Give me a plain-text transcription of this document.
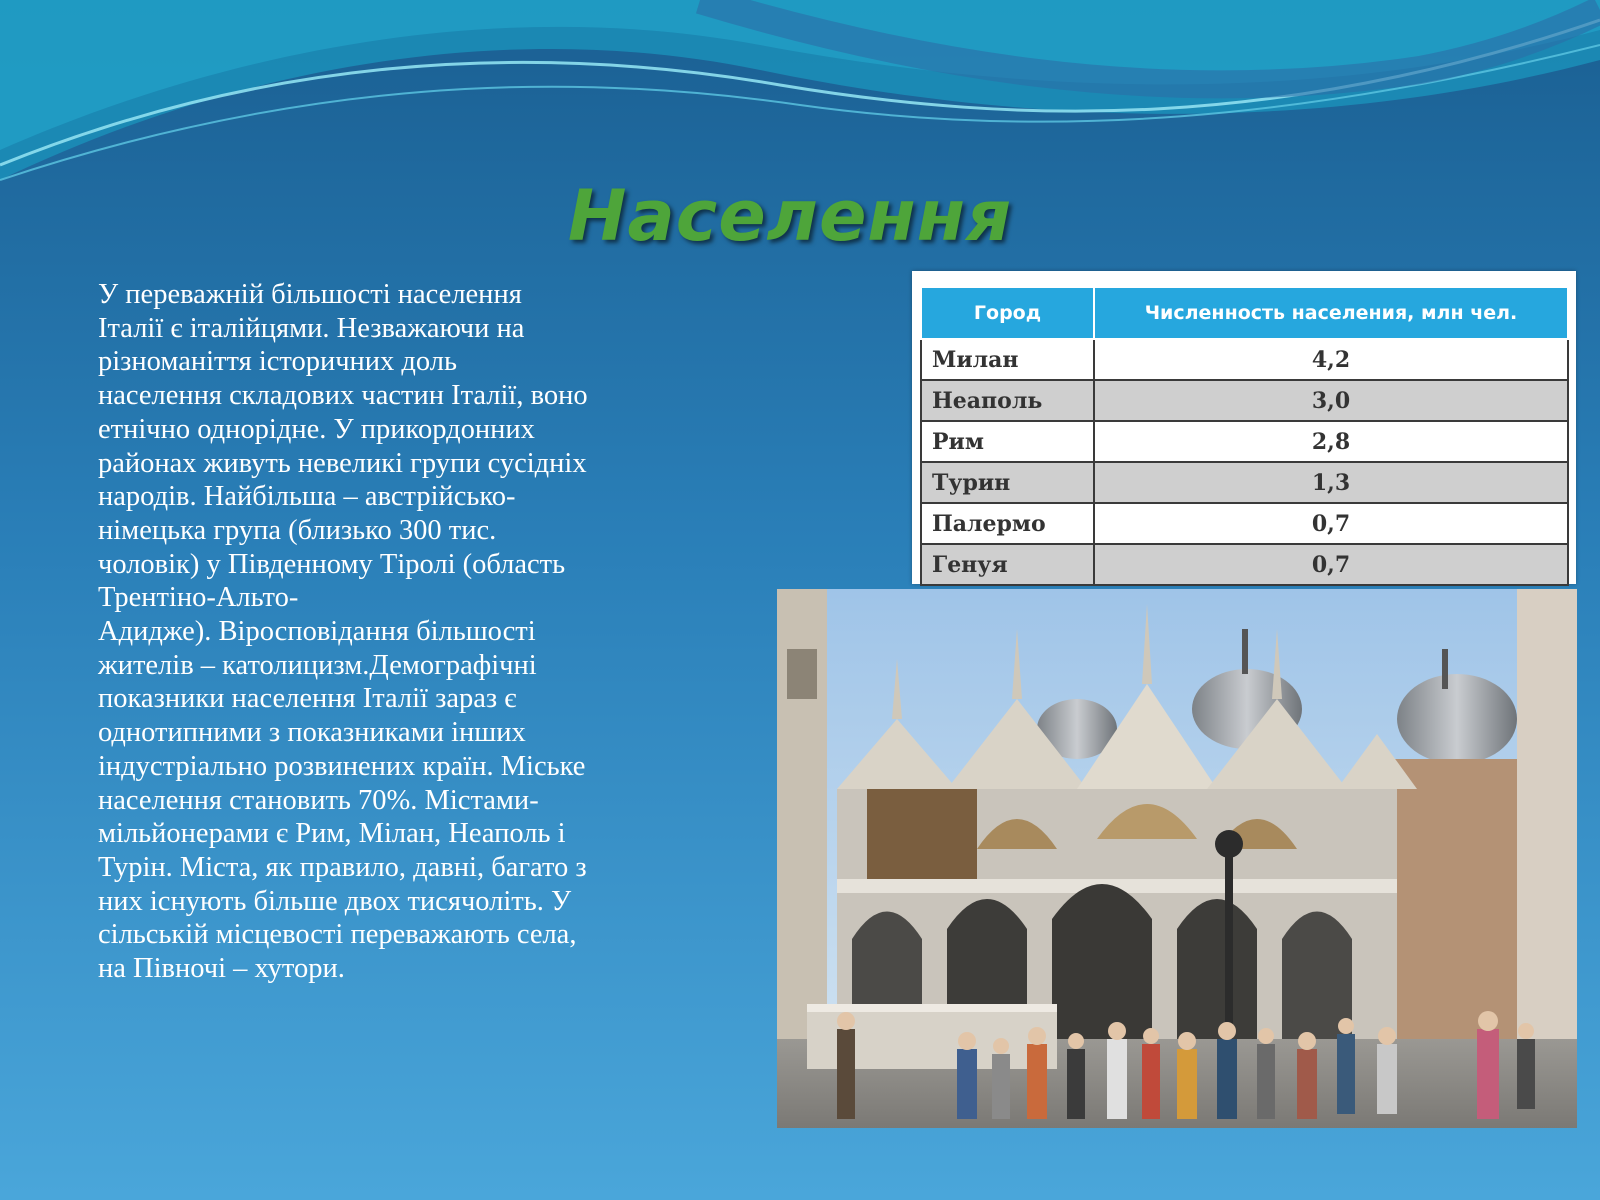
Населення

У переважній більшості населення

Італії є італійцями. Незважаючи на

різноманіття історичних доль

населення складових частин Італії, воно

етнічно однорідне. У прикордонних

районах живуть невеликі групи сусідніх

народів. Найбільша – австрійсько-

німецька група (близько 300 тис.

чоловік) у Південному Тіролі (область

Трентіно-Альто-

Адидже). Віросповідання більшості

жителів – католицизм.Демографічні

показники населення Італії зараз є

однотипними з показниками інших

індустріально розвинених країн. Міське

населення становить 70%. Містами-

мільйонерами є Рим, Мілан, Неаполь і

Турін. Міста, як правило, давні, багато з

них існують більше двох тисячоліть. У

сільській місцевості переважають села,

на Півночі – хутори.

Город	Численность населения, млн чел.
Милан	4,2
Неаполь	3,0
Рим	2,8
Турин	1,3
Палермо	0,7
Генуя	0,7
